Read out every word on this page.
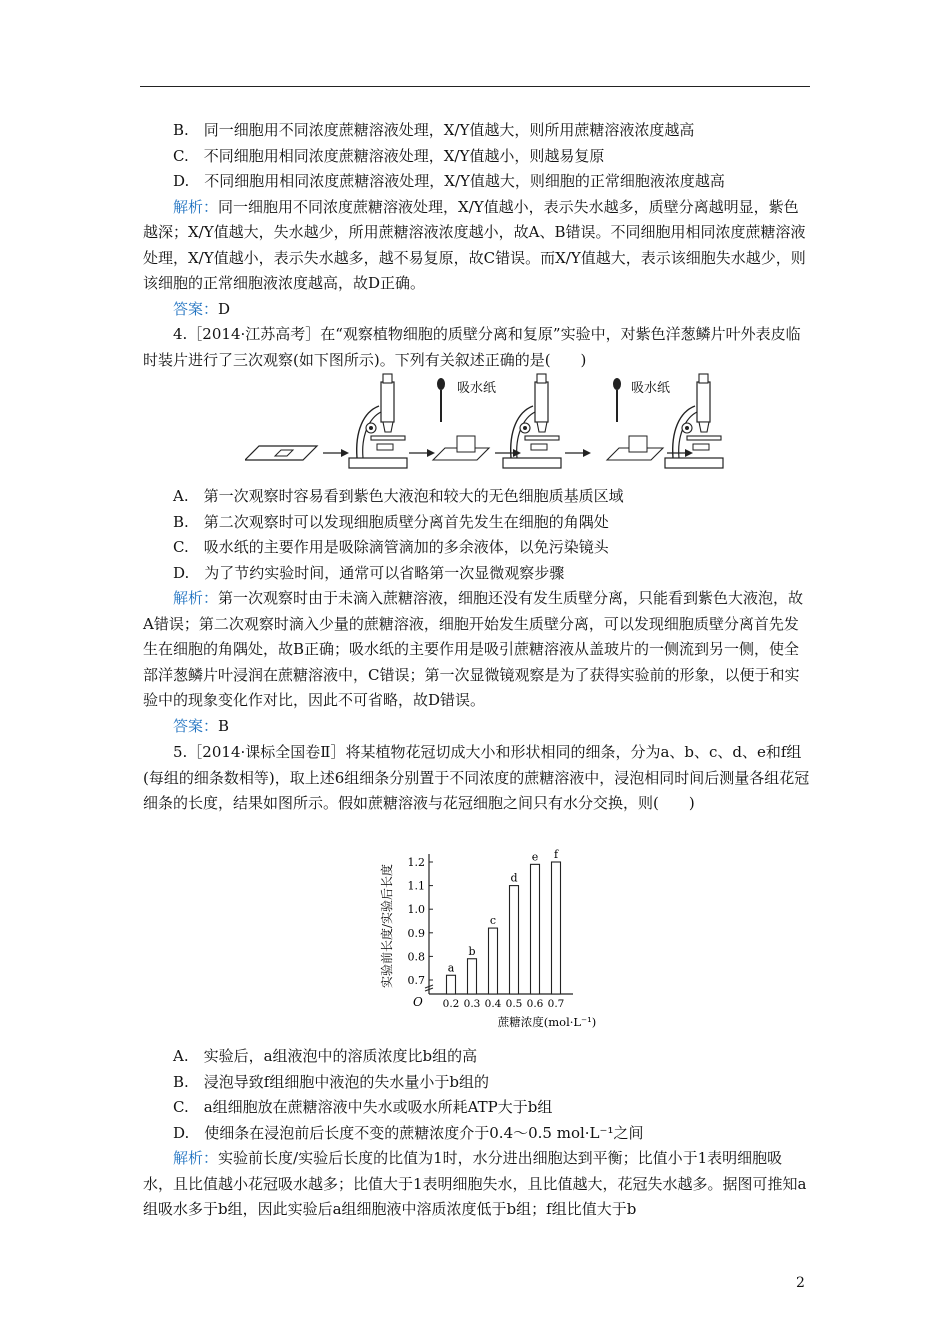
B.　同一细胞用不同浓度蔗糖溶液处理，X/Y值越大，则所用蔗糖溶液浓度越高

C.　不同细胞用相同浓度蔗糖溶液处理，X/Y值越小，则越易复原

D.　不同细胞用相同浓度蔗糖溶液处理，X/Y值越大，则细胞的正常细胞液浓度越高

解析：同一细胞用不同浓度蔗糖溶液处理，X/Y值越小，表示失水越多，质壁分离越明显，紫色越深；X/Y值越大，失水越少，所用蔗糖溶液浓度越小，故A、B错误。不同细胞用相同浓度蔗糖溶液处理，X/Y值越小，表示失水越多，越不易复原，故C错误。而X/Y值越大，表示该细胞失水越少，则该细胞的正常细胞液浓度越高，故D正确。

答案：D

4.［2014·江苏高考］在“观察植物细胞的质壁分离和复原”实验中，对紫色洋葱鳞片叶外表皮临时装片进行了三次观察(如下图所示)。下列有关叙述正确的是(　　)

吸水纸	吸水纸

A.　第一次观察时容易看到紫色大液泡和较大的无色细胞质基质区域

B.　第二次观察时可以发现细胞质壁分离首先发生在细胞的角隅处

C.　吸水纸的主要作用是吸除滴管滴加的多余液体，以免污染镜头

D.　为了节约实验时间，通常可以省略第一次显微观察步骤

解析：第一次观察时由于未滴入蔗糖溶液，细胞还没有发生质壁分离，只能看到紫色大液泡，故A错误；第二次观察时滴入少量的蔗糖溶液，细胞开始发生质壁分离，可以发现细胞质壁分离首先发生在细胞的角隅处，故B正确；吸水纸的主要作用是吸引蔗糖溶液从盖玻片的一侧流到另一侧，使全部洋葱鳞片叶浸润在蔗糖溶液中，C错误；第一次显微镜观察是为了获得实验前的形象，以便于和实验中的现象变化作对比，因此不可省略，故D错误。

答案：B

5.［2014·课标全国卷Ⅱ］将某植物花冠切成大小和形状相同的细条，分为a、b、c、d、e和f组(每组的细条数相等)，取上述6组细条分别置于不同浓度的蔗糖溶液中，浸泡相同时间后测量各组花冠细条的长度，结果如图所示。假如蔗糖溶液与花冠细胞之间只有水分交换，则(　　)

O
0.7
0.8
0.9
1.0
1.1
1.2
a
0.2
b
0.3
c
0.4
d
0.5
e
0.6
f
0.7
蔗糖浓度(mol·L⁻¹)
实验前长度/实验后长度

A.　实验后，a组液泡中的溶质浓度比b组的高

B.　浸泡导致f组细胞中液泡的失水量小于b组的

C.　a组细胞放在蔗糖溶液中失水或吸水所耗ATP大于b组

D.　使细条在浸泡前后长度不变的蔗糖浓度介于0.4～0.5 mol·L⁻¹之间

解析：实验前长度/实验后长度的比值为1时，水分进出细胞达到平衡；比值小于1表明细胞吸水，且比值越小花冠吸水越多；比值大于1表明细胞失水，且比值越大，花冠失水越多。据图可推知a组吸水多于b组，因此实验后a组细胞液中溶质浓度低于b组；f组比值大于b

2
